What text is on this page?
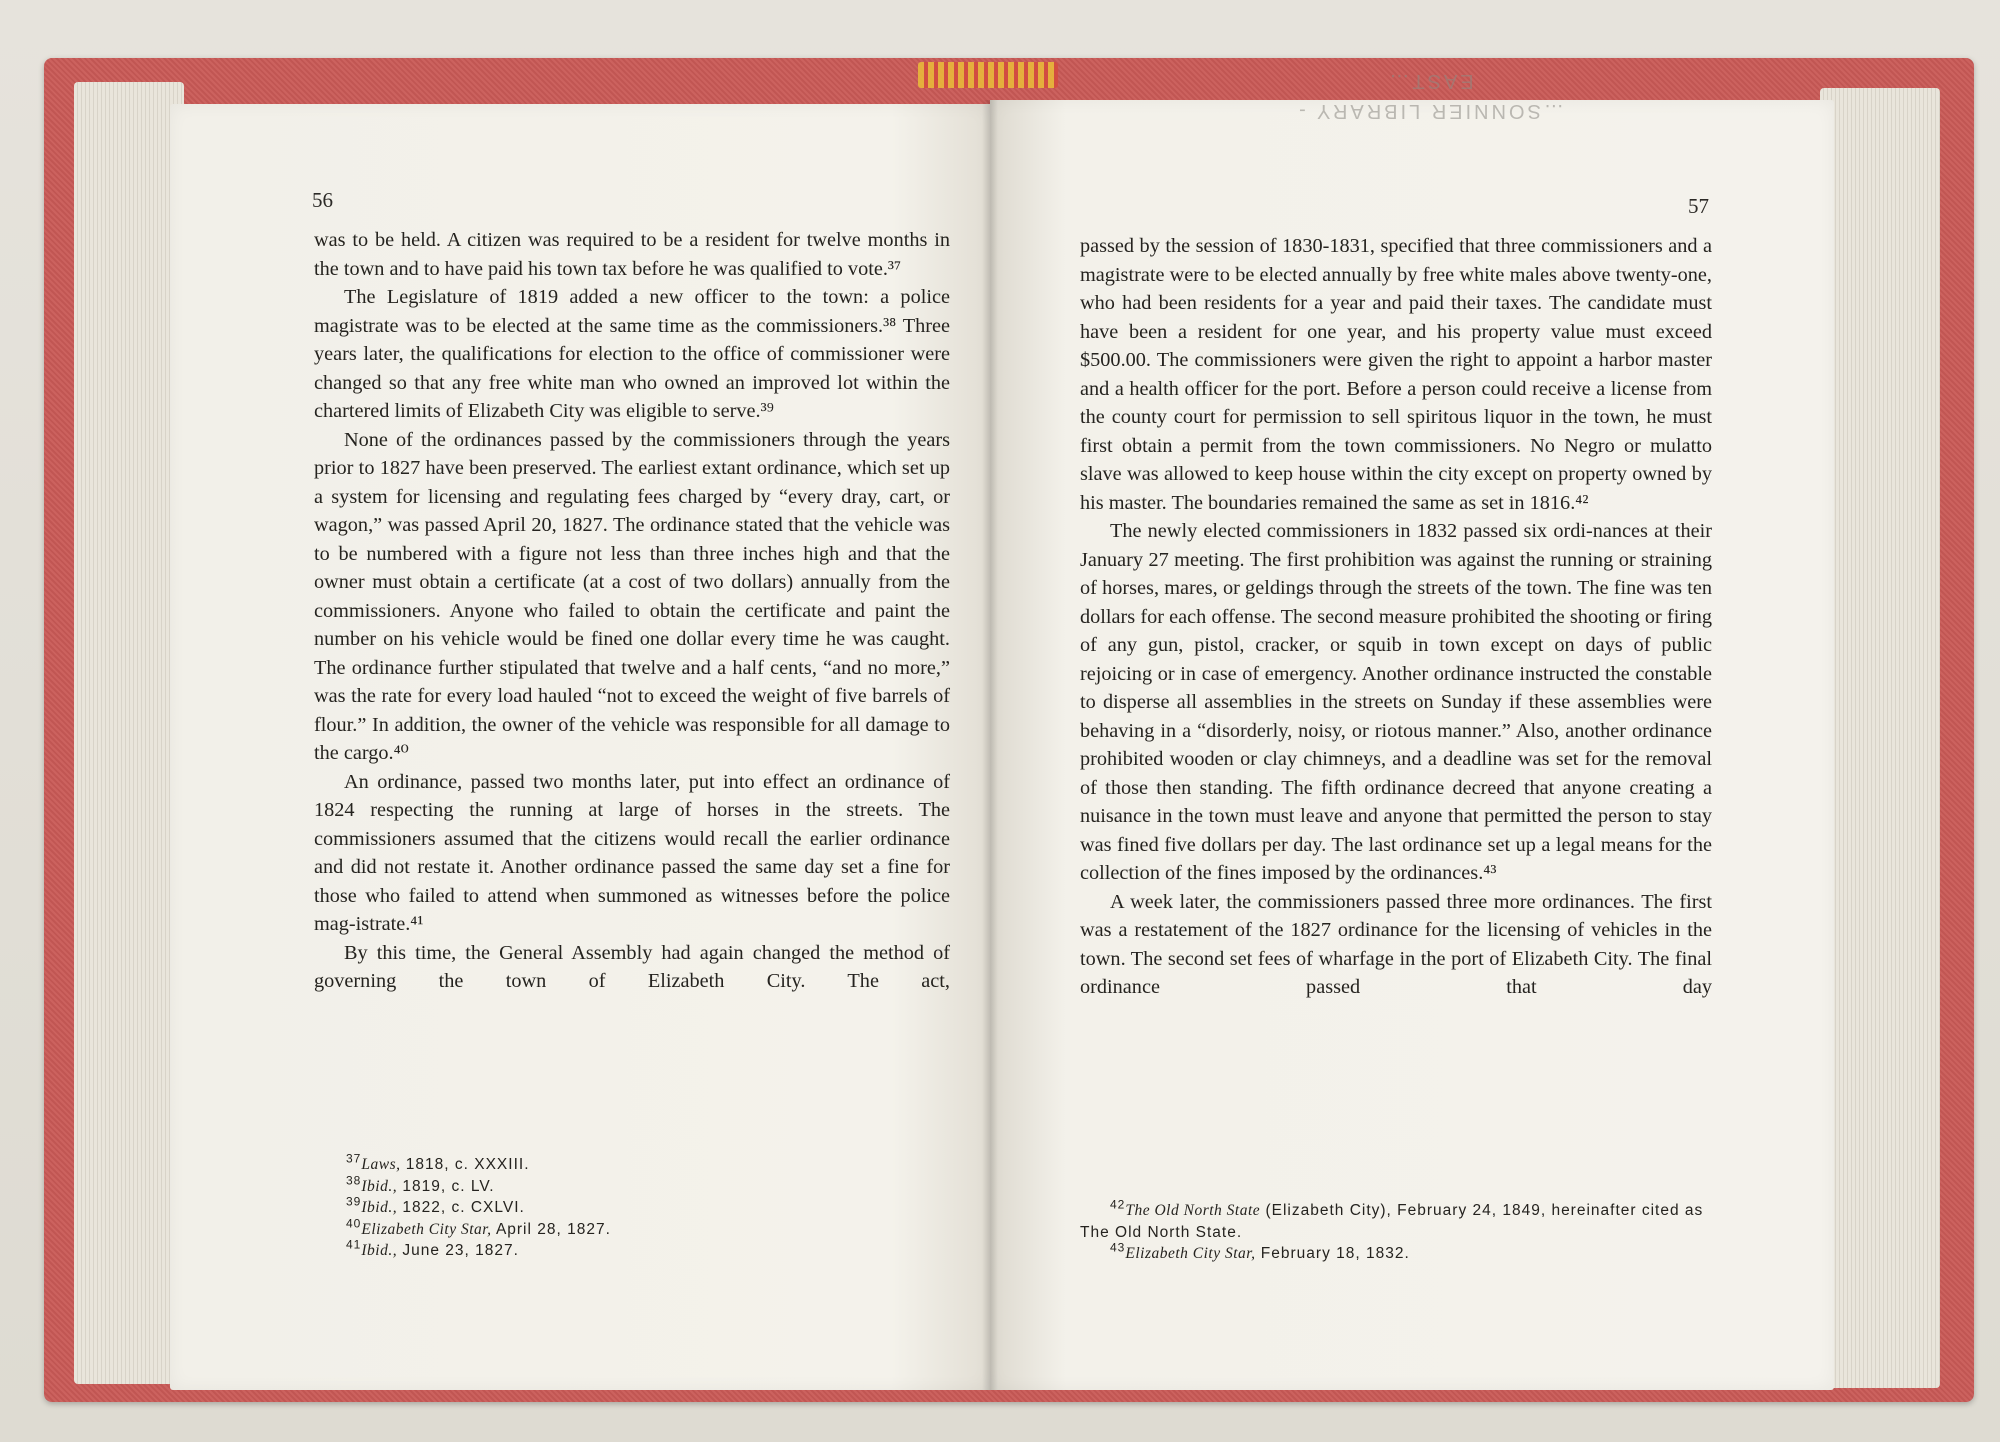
56

was to be held. A citizen was required to be a resident for twelve months in the town and to have paid his town tax before he was qualified to vote.³⁷

The Legislature of 1819 added a new officer to the town: a police magistrate was to be elected at the same time as the commissioners.³⁸ Three years later, the qualifications for election to the office of commissioner were changed so that any free white man who owned an improved lot within the chartered limits of Elizabeth City was eligible to serve.³⁹

None of the ordinances passed by the commissioners through the years prior to 1827 have been preserved. The earliest extant ordinance, which set up a system for licensing and regulating fees charged by “every dray, cart, or wagon,” was passed April 20, 1827. The ordinance stated that the vehicle was to be numbered with a figure not less than three inches high and that the owner must obtain a certificate (at a cost of two dollars) annually from the commissioners. Anyone who failed to obtain the certificate and paint the number on his vehicle would be fined one dollar every time he was caught. The ordinance further stipulated that twelve and a half cents, “and no more,” was the rate for every load hauled “not to exceed the weight of five barrels of flour.” In addition, the owner of the vehicle was responsible for all damage to the cargo.⁴⁰

An ordinance, passed two months later, put into effect an ordinance of 1824 respecting the running at large of horses in the streets. The commissioners assumed that the citizens would recall the earlier ordinance and did not restate it. Another ordinance passed the same day set a fine for those who failed to attend when summoned as witnesses before the police mag-istrate.⁴¹

By this time, the General Assembly had again changed the method of governing the town of Elizabeth City. The act,

$^{37}$Laws, 1818, c. XXXIII.
$^{38}$Ibid., 1819, c. LV.
$^{39}$Ibid., 1822, c. CXLVI.
$^{40}$Elizabeth City Star, April 28, 1827.
$^{41}$Ibid., June 23, 1827.
…SONNIER LIBRARY - EAST…
57

passed by the session of 1830-1831, specified that three commissioners and a magistrate were to be elected annually by free white males above twenty-one, who had been residents for a year and paid their taxes. The candidate must have been a resident for one year, and his property value must exceed $500.00. The commissioners were given the right to appoint a harbor master and a health officer for the port. Before a person could receive a license from the county court for permission to sell spiritous liquor in the town, he must first obtain a permit from the town commissioners. No Negro or mulatto slave was allowed to keep house within the city except on property owned by his master. The boundaries remained the same as set in 1816.⁴²

The newly elected commissioners in 1832 passed six ordi-nances at their January 27 meeting. The first prohibition was against the running or straining of horses, mares, or geldings through the streets of the town. The fine was ten dollars for each offense. The second measure prohibited the shooting or firing of any gun, pistol, cracker, or squib in town except on days of public rejoicing or in case of emergency. Another ordinance instructed the constable to disperse all assemblies in the streets on Sunday if these assemblies were behaving in a “disorderly, noisy, or riotous manner.” Also, another ordinance prohibited wooden or clay chimneys, and a deadline was set for the removal of those then standing. The fifth ordinance decreed that anyone creating a nuisance in the town must leave and anyone that permitted the person to stay was fined five dollars per day. The last ordinance set up a legal means for the collection of the fines imposed by the ordinances.⁴³

A week later, the commissioners passed three more ordinances. The first was a restatement of the 1827 ordinance for the licensing of vehicles in the town. The second set fees of wharfage in the port of Elizabeth City. The final ordinance passed that day

$^{42}$The Old North State (Elizabeth City), February 24, 1849, hereinafter cited as The Old North State.
$^{43}$Elizabeth City Star, February 18, 1832.
